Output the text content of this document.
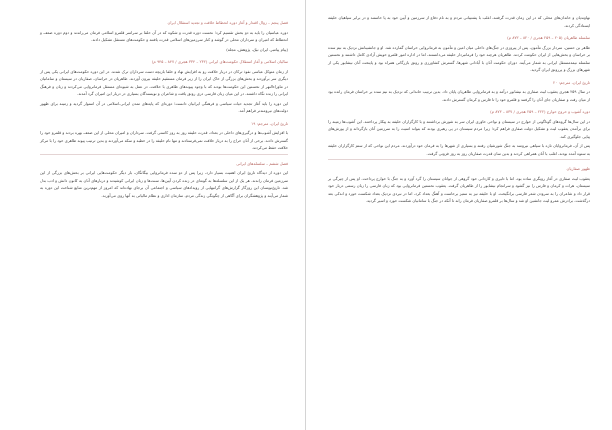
فصل پنجم – زوال اقتدار و آغاز دوره انحطاط خلافت و تجدید استقلال ایران
دوره عباسیان را باید به دو بخش تقسیم کرد؛ نخست دوره قدرت و شکوه که در آن خلفا بر سراسر قلمرو اسلامی فرمان می‌راندند و دوم دوره ضعف و انحطاط که امیران و سرداران محلی در گوشه و کنار سرزمین‌های اسلامی قدرت یافتند و حکومت‌های مستقل تشکیل دادند.
(پیام پیامبر، ایران نیک، پژوهش، مجله)
سالیان اسلامی و آغاز استقلال حکومت‌های ایرانی (۲۳۲ – ۳۳۴ هجری / ۸۴۷ – ۹۴۵ م)
از زمان متوکل عباسی نفوذ ترکان در دربار خلافت رو به افزایش نهاد و خلفا بازیچه دست سرداران ترک شدند. در این دوره حکومت‌های ایرانی یکی پس از دیگری سر برآوردند و بخش‌های بزرگی از خاک ایران را از زیر فرمان مستقیم خلیفه بیرون آوردند. طاهریان در خراسان، صفاریان در سیستان و سامانیان در ماوراءالنهر از نخستین این حکومت‌ها بودند که با وجود پیوندهای ظاهری با خلافت، در عمل به شیوه‌ای مستقل فرمانروایی می‌کردند و زبان و فرهنگ ایرانی را زنده نگاه داشتند. در این میان زبان فارسی دری رونق یافت و شاعران و نویسندگان بسیاری در دربار این امیران گرد آمدند.
این دوره را باید آغاز تجدید حیات سیاسی و فرهنگی ایرانیان دانست؛ دوره‌ای که پایه‌های تمدن ایرانی-اسلامی در آن استوار گردید و زمینه برای ظهور دولت‌های نیرومندتر فراهم آمد.
تاریخ ایران، مترجم: ۱۹
با افزایش آشوب‌ها و درگیری‌های داخلی در بغداد، قدرت خلیفه روز به روز کاستی گرفت. سرداران و امیران محلی از این ضعف بهره بردند و قلمرو خود را گسترش دادند. برخی از آنان خراج را به دربار خلافت نمی‌فرستادند و تنها نام خلیفه را در خطبه و سکه می‌آوردند و بدین ترتیب پیوند ظاهری خود را با مرکز خلافت حفظ می‌کردند.
فصل ششم – سلسله‌های ایرانی
این دوره از دیدگاه تاریخ ایران اهمیت بسیار دارد، زیرا پس از دو سده فرمانروایی بیگانگان، بار دیگر حکومت‌هایی ایرانی بر بخش‌های بزرگی از این سرزمین فرمان راندند. هر یک از این سلسله‌ها به گونه‌ای در زنده کردن آیین‌ها، سنت‌ها و زبان ایرانی کوشیدند و دربارهای آنان به کانون دانش و ادب بدل شد. تاریخ‌نویسان این روزگار گزارش‌های گرانبهایی از رویدادهای سیاسی و اجتماعی آن برجای نهاده‌اند که امروز از مهم‌ترین منابع شناخت این دوره به شمار می‌آیند و پژوهشگران برای آگاهی از چگونگی زندگی مردم، سازمان اداری و نظام مالیاتی به آنها روی می‌آورند.
نهاوندیان و خاندان‌های محلی که در این زمان قدرت گرفتند، اغلب با پشتیبانی مردم و به نام دفاع از سرزمین و آیین خود به پا خاستند و در برابر سپاهیان خلیفه ایستادگی کردند.
سلسله طاهریان (۲۰۵ – ۲۵۹ هجری / ۸۲۰ – ۸۷۳ م)
طاهر بن حسین، سردار بزرگ مأمون، پس از پیروزی در جنگ‌های داخلی میان امین و مأمون به فرمانروایی خراسان گمارده شد. او و جانشینانش نزدیک به نیم سده بر خراسان و بخش‌هایی از ایران حکومت کردند. طاهریان هرچند خود را فرمانبردار خلیفه می‌دانستند، اما در اداره امور قلمرو خویش آزادی کامل داشتند و نخستین سلسله نیمه‌مستقل ایرانی به شمار می‌آیند. دوران حکومت آنان با آبادانی شهرها، گسترش کشاورزی و رونق بازرگانی همراه بود و پایتخت آنان نیشابور یکی از شهرهای بزرگ و پررونق ایران گردید.
تاریخ ایران، مترجم: ۲۰
در سال ۲۵۹ هجری یعقوب لیث صفاری به نیشابور درآمد و به فرمانروایی طاهریان پایان داد. بدین ترتیب خاندانی که نزدیک به نیم سده بر خراسان فرمان رانده بود از میان رفت و صفاریان جای آنان را گرفتند و قلمرو خود را تا فارس و کرمان گسترش دادند.
دوره آشوب و خروج خوارج (۲۲۲ – ۲۵۹ هجری / ۸۳۷ – ۸۷۳ م)
در این سال‌ها گروه‌های گوناگونی از خوارج در سیستان و نواحی خاوری ایران سر به شورش برداشتند و با کارگزاران خلیفه به پیکار پرداختند. این آشوب‌ها زمینه را برای برآمدن یعقوب لیث و تشکیل دولت صفاری فراهم کرد؛ زیرا مردم سیستان در پی رهبری بودند که بتواند امنیت را به سرزمین آنان بازگرداند و از یورش‌های پیاپی جلوگیری کند.
پس از آن، فرمانروایان تازه با سپاهی نیرومند به جنگ شورشیان رفتند و بسیاری از شهرها را به فرمان خود درآوردند. مردم این نواحی که از ستم کارگزاران خلیفه به ستوه آمده بودند، اغلب با آنان همراهی کردند و بدین سان قدرت صفاریان روز به روز فزونی گرفت.
ظهور صفاریان
یعقوب لیث صفاری در آغاز رویگری ساده بود، اما با دلیری و کاردانی خود گروهی از جوانان سیستان را گرد آورد و به جنگ با خوارج پرداخت. او پس از چیرگی بر سیستان، هرات و کرمان و فارس را نیز گشود و سرانجام نیشابور را از طاهریان گرفت. یعقوب نخستین فرمانروایی بود که زبان فارسی را زبان رسمی دربار خود قرار داد و شاعران را به سرودن شعر فارسی برانگیخت. او با خلیفه نیز به ستیز برخاست و آهنگ بغداد کرد، اما در نبردی نزدیک بغداد شکست خورد و اندکی بعد درگذشت. برادرش عمرو لیث جانشین او شد و سال‌ها بر قلمرو صفاریان فرمان راند تا آنکه در جنگ با سامانیان شکست خورد و اسیر گردید.
